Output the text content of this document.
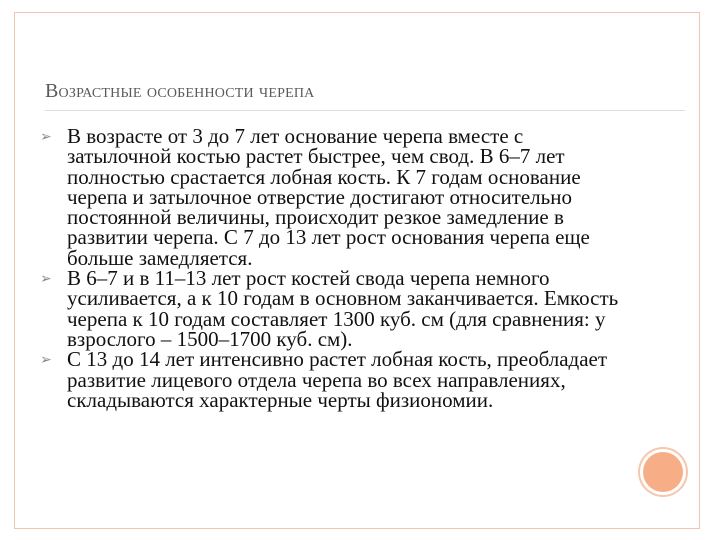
Возрастные особенности черепа
➢ В возрасте от 3 до 7 лет основание черепа вместе с затылочной костью растет быстрее, чем свод. В 6–7 лет полностью срастается лобная кость. К 7 годам основание черепа и затылочное отверстие достигают относительно постоянной величины, происходит резкое замедление в развитии черепа. С 7 до 13 лет рост основания черепа еще больше замедляется.
➢ В 6–7 и в 11–13 лет рост костей свода черепа немного усиливается, а к 10 годам в основном заканчивается. Емкость черепа к 10 годам составляет 1300 куб. см (для сравнения: у взрослого – 1500–1700 куб. см).
➢ С 13 до 14 лет интенсивно растет лобная кость, преобладает развитие лицевого отдела черепа во всех направлениях, складываются характерные черты физиономии.
